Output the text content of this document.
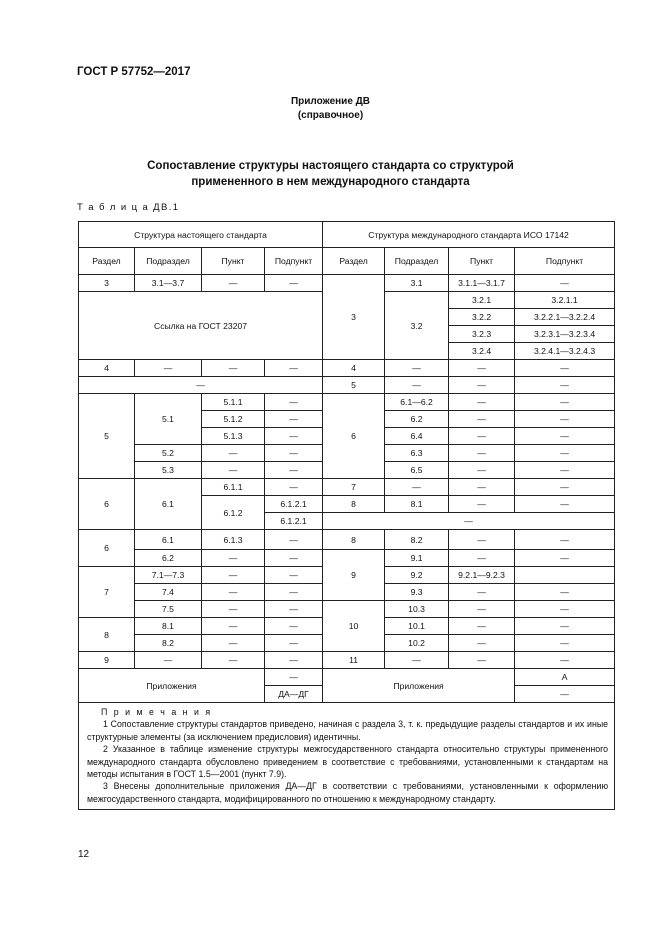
ГОСТ Р 57752—2017
Приложение ДВ
(справочное)
Сопоставление структуры настоящего стандарта со структурой
примененного в нем международного стандарта
Т а б л и ц а ДВ.1
Структура настоящего стандарта				Структура международного стандарта ИСО 17142			
Раздел	Подраздел	Пункт	Подпункт	Раздел	Подраздел	Пункт	Подпункт
3	3.1—3.7	—	—	3	3.1	3.1.1—3.1.7	—
Ссылка на ГОСТ 23207					3.2	3.2.1	3.2.1.1
						3.2.2	3.2.2.1—3.2.2.4
						3.2.3	3.2.3.1—3.2.3.4
						3.2.4	3.2.4.1—3.2.4.3
4	—	—	—	4	—	—	—
—				5	—	—	—
5	5.1	5.1.1	—	6	6.1—6.2	—	—
		5.1.2	—		6.2	—	—
		5.1.3	—		6.4	—	—
	5.2	—	—		6.3	—	—
	5.3	—	—		6.5	—	—
6	6.1	6.1.1	—	7	—	—	—
		6.1.2	6.1.2.1	8	8.1	—	—
			6.1.2.1	—			
6	6.1	6.1.3	—	8	8.2	—	—
	6.2	—	—	9	9.1	—	—
7	7.1—7.3	—	—		9.2	9.2.1—9.2.3	
	7.4	—	—		9.3	—	—
	7.5	—	—	10	10.3	—	—
8	8.1	—	—		10.1	—	—
	8.2	—	—		10.2	—	—
9	—	—	—	11	—	—	—
Приложения			—	Приложения			А
			ДА—ДГ				—

П р и м е ч а н и я

1 Сопоставление структуры стандартов приведено, начиная с раздела 3, т. к. предыдущие разделы стандартов и их иные структурные элементы (за исключением предисловия) идентичны.

2 Указанное в таблице изменение структуры межгосударственного стандарта относительно структуры примененного международного стандарта обусловлено приведением в соответствие с требованиями, установленными к стандартам на методы испытания в ГОСТ 1.5—2001 (пункт 7.9).

3 Внесены дополнительные приложения ДА—ДГ в соответствии с требованиями, установленными к оформлению межгосударственного стандарта, модифицированного по отношению к международному стандарту.							

12
